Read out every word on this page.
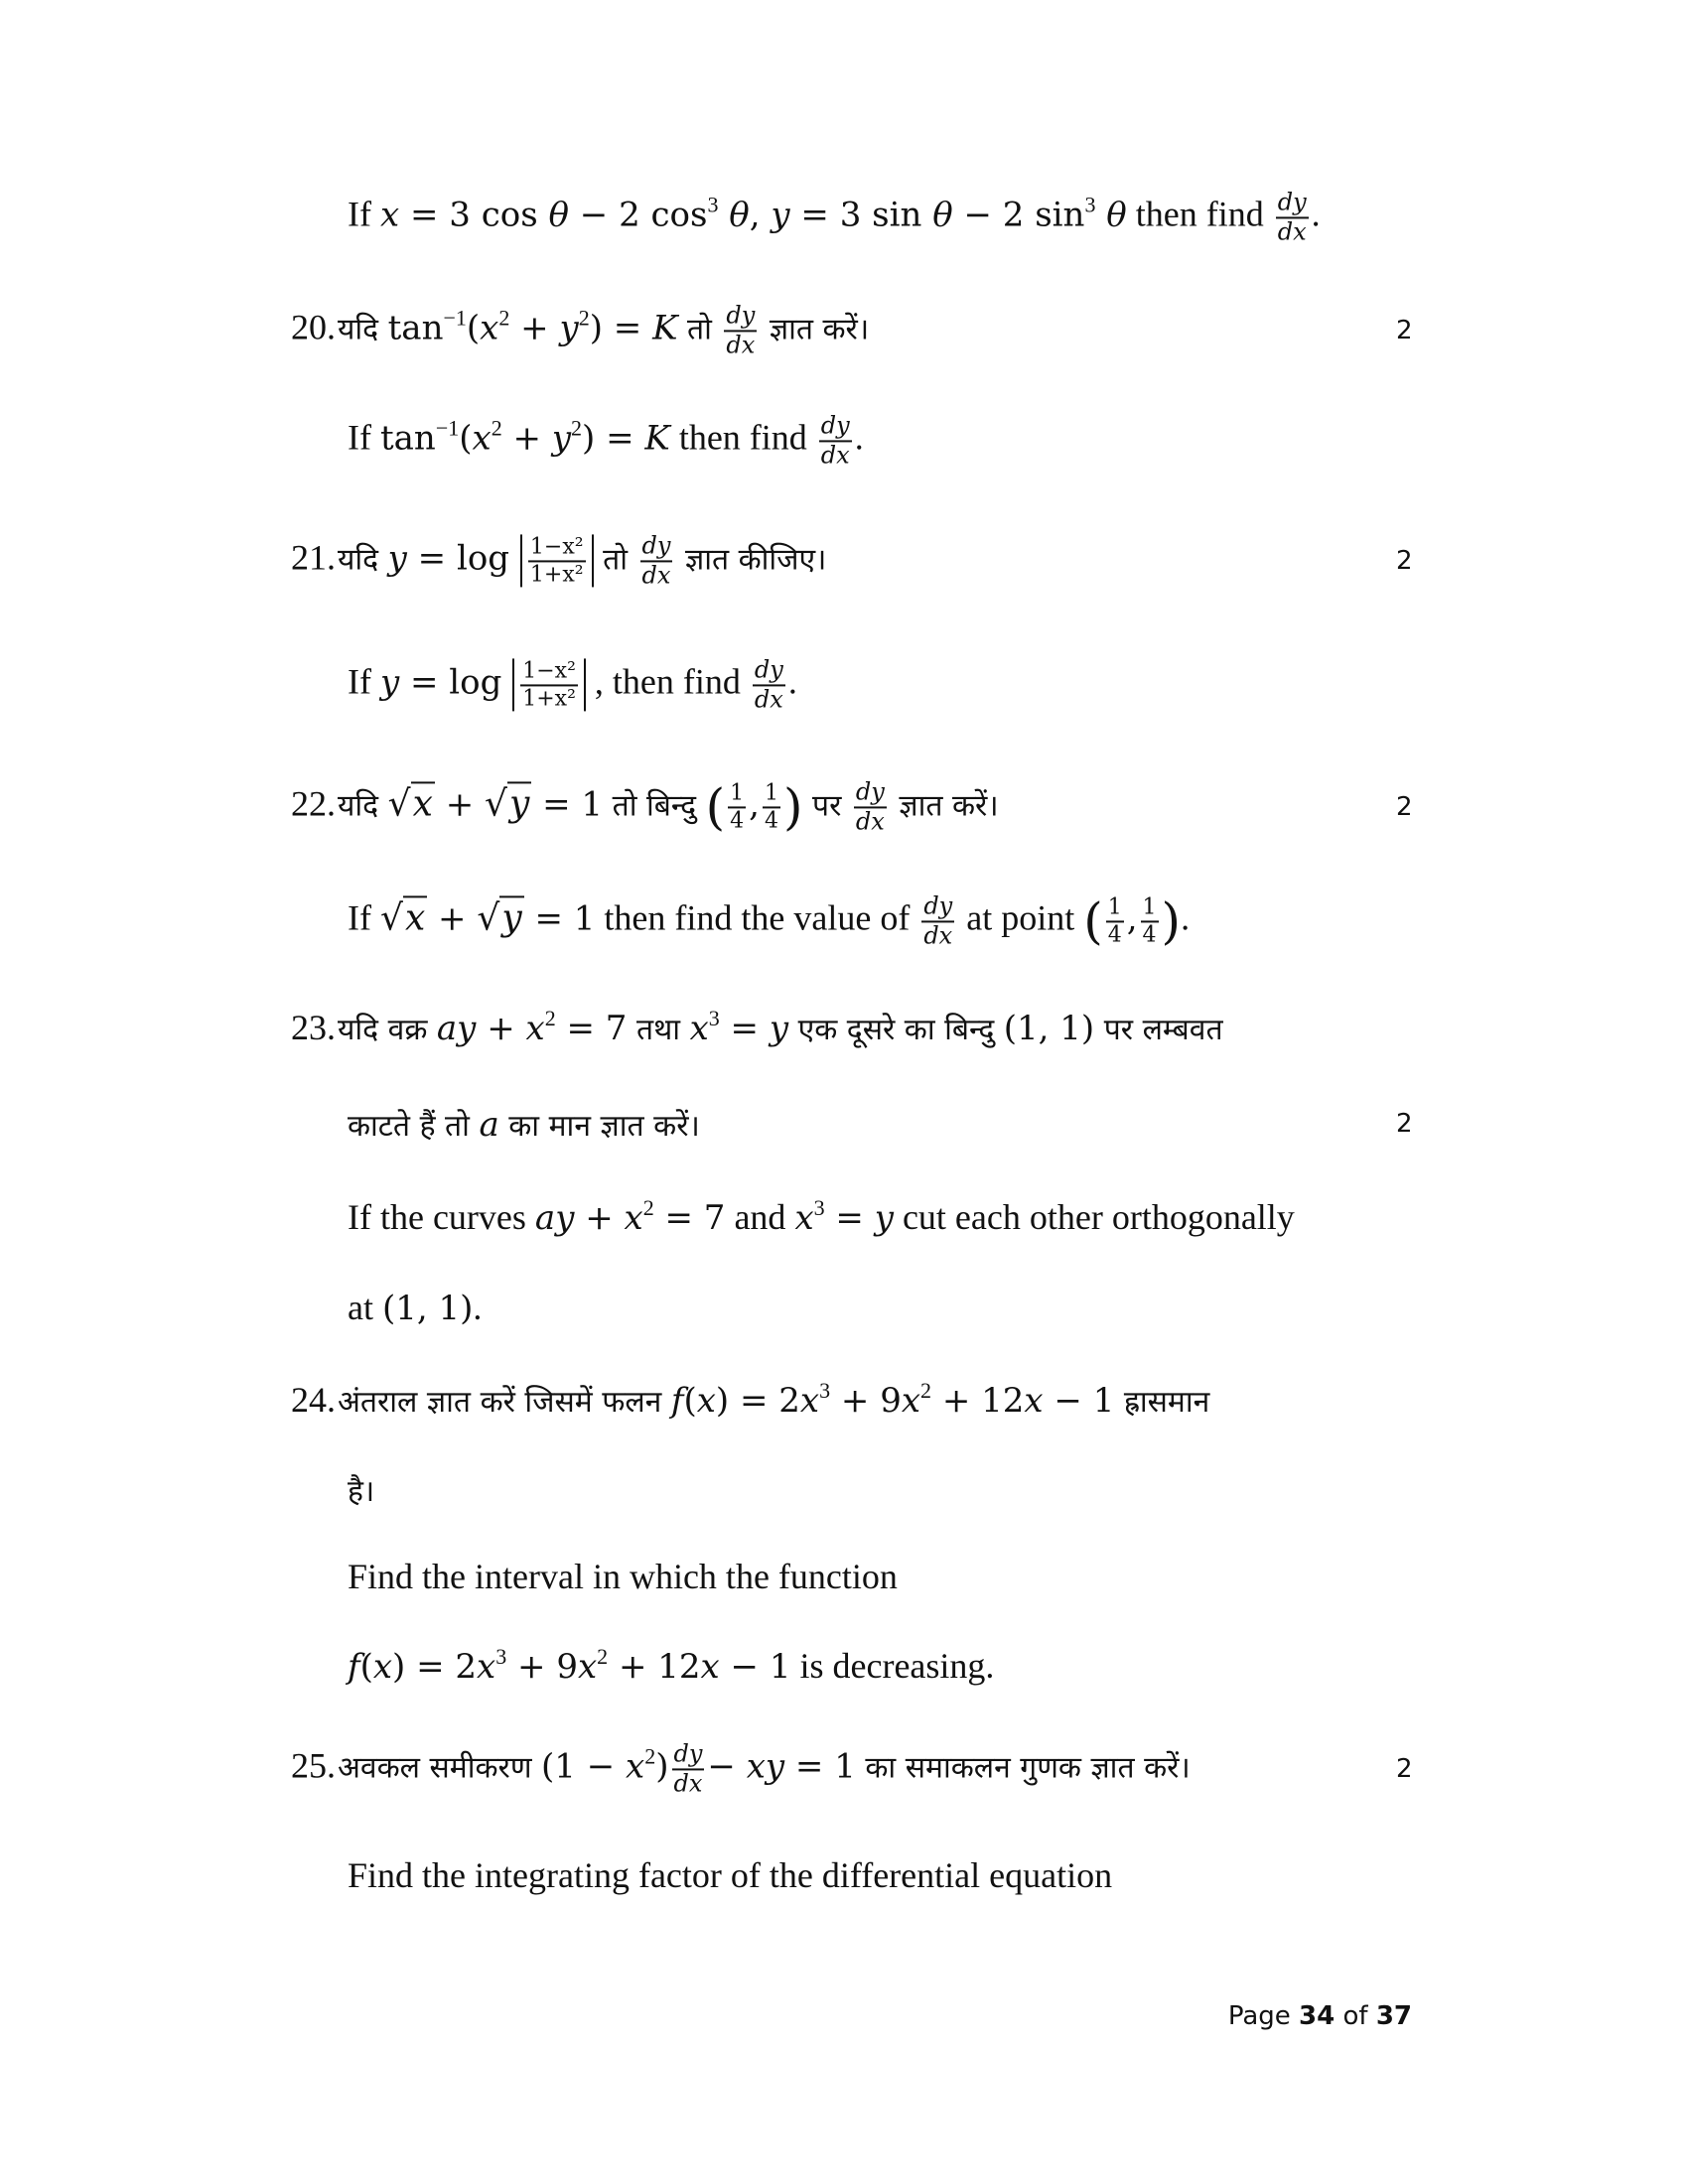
If x = 3 cos θ − 2 $\cos^3 \theta$, y = 3 sin θ − 2 $\sin^3 \theta$ then find $\frac{dy}{dx}$ .
20.यदि $\tan^{-1}(x^2 + y^2) = K$ तो $\frac{dy}{dx}$ ज्ञात करें।	2
If $\tan^{-1}(x^2 + y^2) = K$ then find $\frac{dy}{dx}$ .
21.यदि $y = \log \frac{\text{1−x²}}{\text{1+x²}}$ तो $\frac{dy}{dx}$ ज्ञात कीजिए।	2
If $y = \log \frac{\text{1−x²}}{\text{1+x²}}$ , then find $\frac{dy}{dx}$ .
22.यदि √x + √y = 1 तो बिन्दु ( $\frac{1}{4}$ , $\frac{1}{4}$ ) पर $\frac{dy}{dx}$ ज्ञात करें।	2
If √x + √y = 1 then find the value of $\frac{dy}{dx}$ at point ( $\frac{1}{4}$ , $\frac{1}{4}$ ).
23.यदि वक्र ay + $x^2 = 7$ तथा $x^3 = y$ एक दूसरे का बिन्दु (1, 1) पर लम्बवत
काटते हैं तो a का मान ज्ञात करें।	2
If the curves ay + $x^2 = 7$ and $x^3 = y$ cut each other orthogonally
at (1, 1).
24.अंतराल ज्ञात करें जिसमें फलन $f(x) = 2x^3 + 9x^2 + 12x - 1$ ह्रासमान
है।
Find the interval in which the function
$f(x) = 2x^3 + 9x^2 + 12x - 1$ is decreasing.
25.अवकल समीकरण $(1 - x^2) \frac{dy}{dx}$ − xy = 1 का समाकलन गुणक ज्ञात करें।	2
Find the integrating factor of the differential equation
Page 34 of 37
